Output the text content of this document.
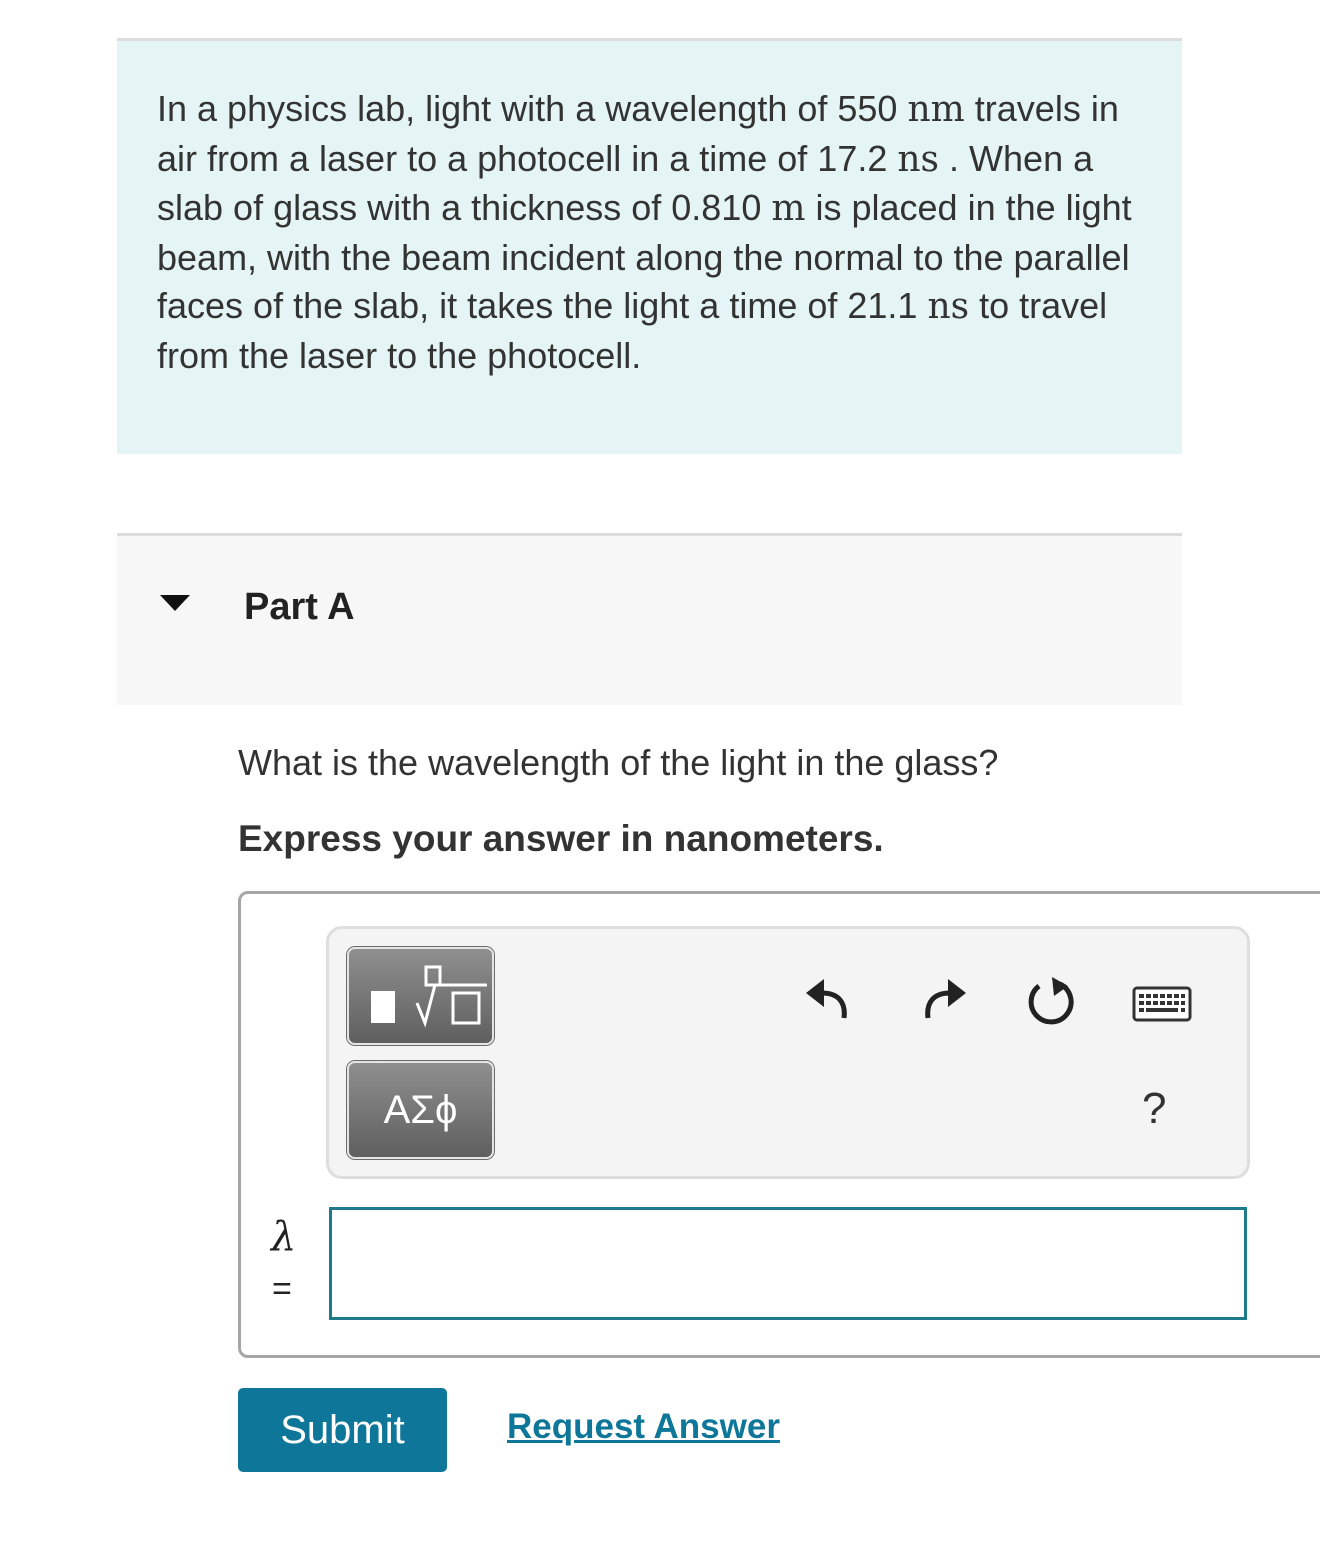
In a physics lab, light with a wavelength of 550 nm travels in air from a laser to a photocell in a time of 17.2 ns . When a slab of glass with a thickness of 0.810 m is placed in the light beam, with the beam incident along the normal to the parallel faces of the slab, it takes the light a time of 21.1 ns to travel from the laser to the photocell.
Part A
What is the wavelength of the light in the glass?
Express your answer in nanometers.
ΑΣϕ	?
λ
=
Submit	Request Answer
